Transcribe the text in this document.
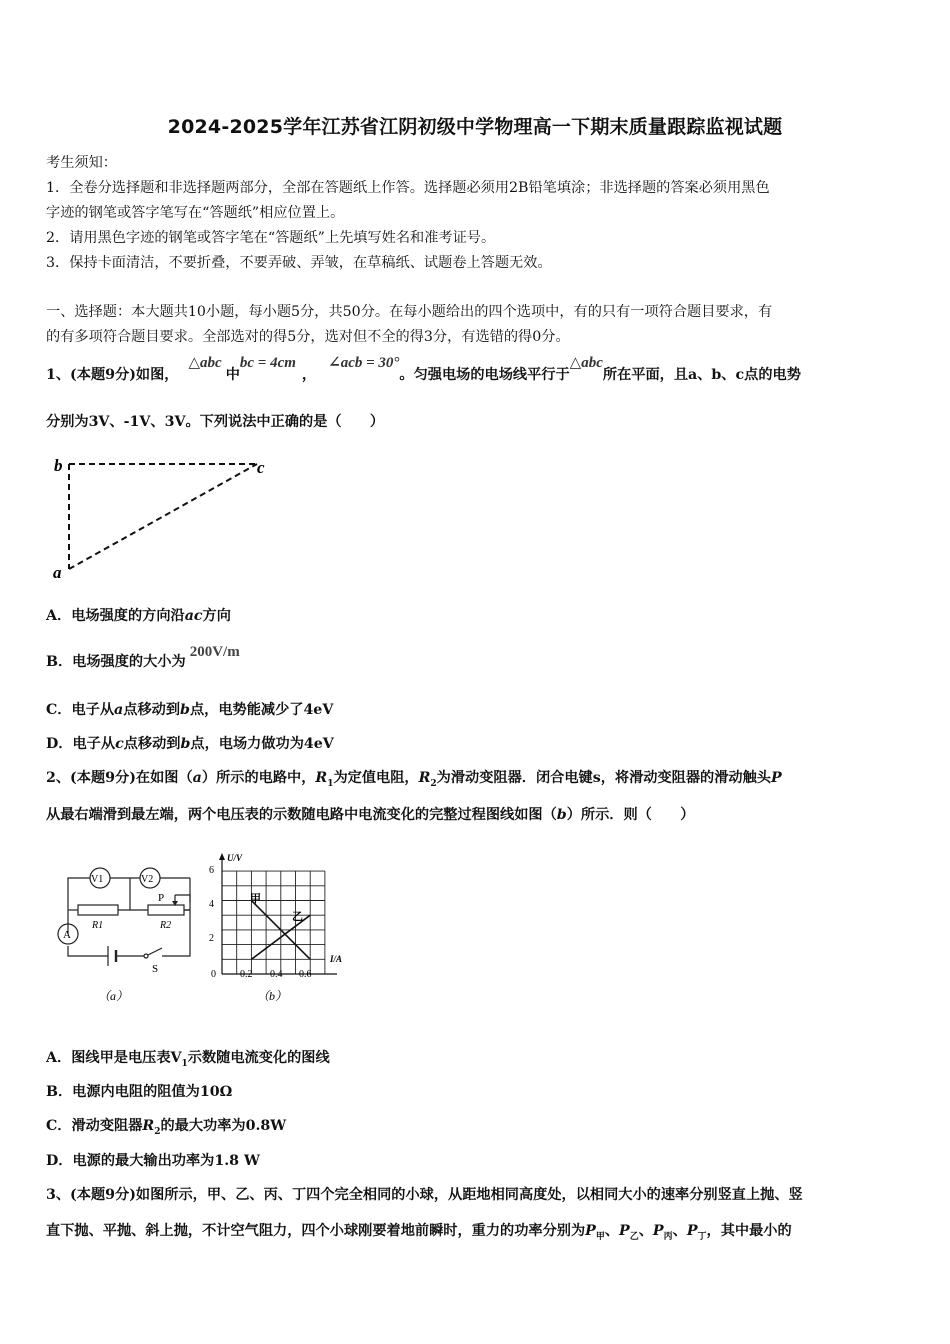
2024-2025学年江苏省江阴初级中学物理高一下期末质量跟踪监视试题
考生须知：
1．全卷分选择题和非选择题两部分，全部在答题纸上作答。选择题必须用2B铅笔填涂；非选择题的答案必须用黑色
字迹的钢笔或答字笔写在“答题纸”相应位置上。
2．请用黑色字迹的钢笔或答字笔在“答题纸”上先填写姓名和准考证号。
3．保持卡面清洁，不要折叠，不要弄破、弄皱，在草稿纸、试题卷上答题无效。
一、选择题：本大题共10小题，每小题5分，共50分。在每小题给出的四个选项中，有的只有一项符合题目要求，有
的有多项符合题目要求。全部选对的得5分，选对但不全的得3分，有选错的得0分。
1、(本题9分)如图，△abc中bc = 4cm，∠acb = 30°。匀强电场的电场线平行于△abc所在平面，且a、b、c点的电势
分别为3V、-1V、3V。下列说法中正确的是（　　）
b	c
a
A．电场强度的方向沿ac方向
B．电场强度的大小为200V/m
C．电子从a点移动到b点，电势能减少了4eV
D．电子从c点移动到b点，电场力做功为4eV
2、(本题9分)在如图（a）所示的电路中，$R_1$为定值电阻，$R_2$为滑动变阻器．闭合电键s，将滑动变阻器的滑动触头P
从最右端滑到最左端，两个电压表的示数随电路中电流变化的完整过程图线如图（b）所示．则（　　）
V1	V2
A
P
R1	R2
S
（a）
U/V
I/A
6
4
2
0 0.2 0.4 0.6
甲
乙
（b）
A．图线甲是电压表$V_1$示数随电流变化的图线
B．电源内电阻的阻值为10Ω
C．滑动变阻器$R_2$的最大功率为0.8W
D．电源的最大输出功率为1.8 W
3、(本题9分)如图所示，甲、乙、丙、丁四个完全相同的小球，从距地相同高度处，以相同大小的速率分别竖直上抛、竖
直下抛、平抛、斜上抛，不计空气阻力，四个小球刚要着地前瞬时，重力的功率分别为$P_甲$、$P_乙$、$P_丙$、$P_丁$，其中最小的
